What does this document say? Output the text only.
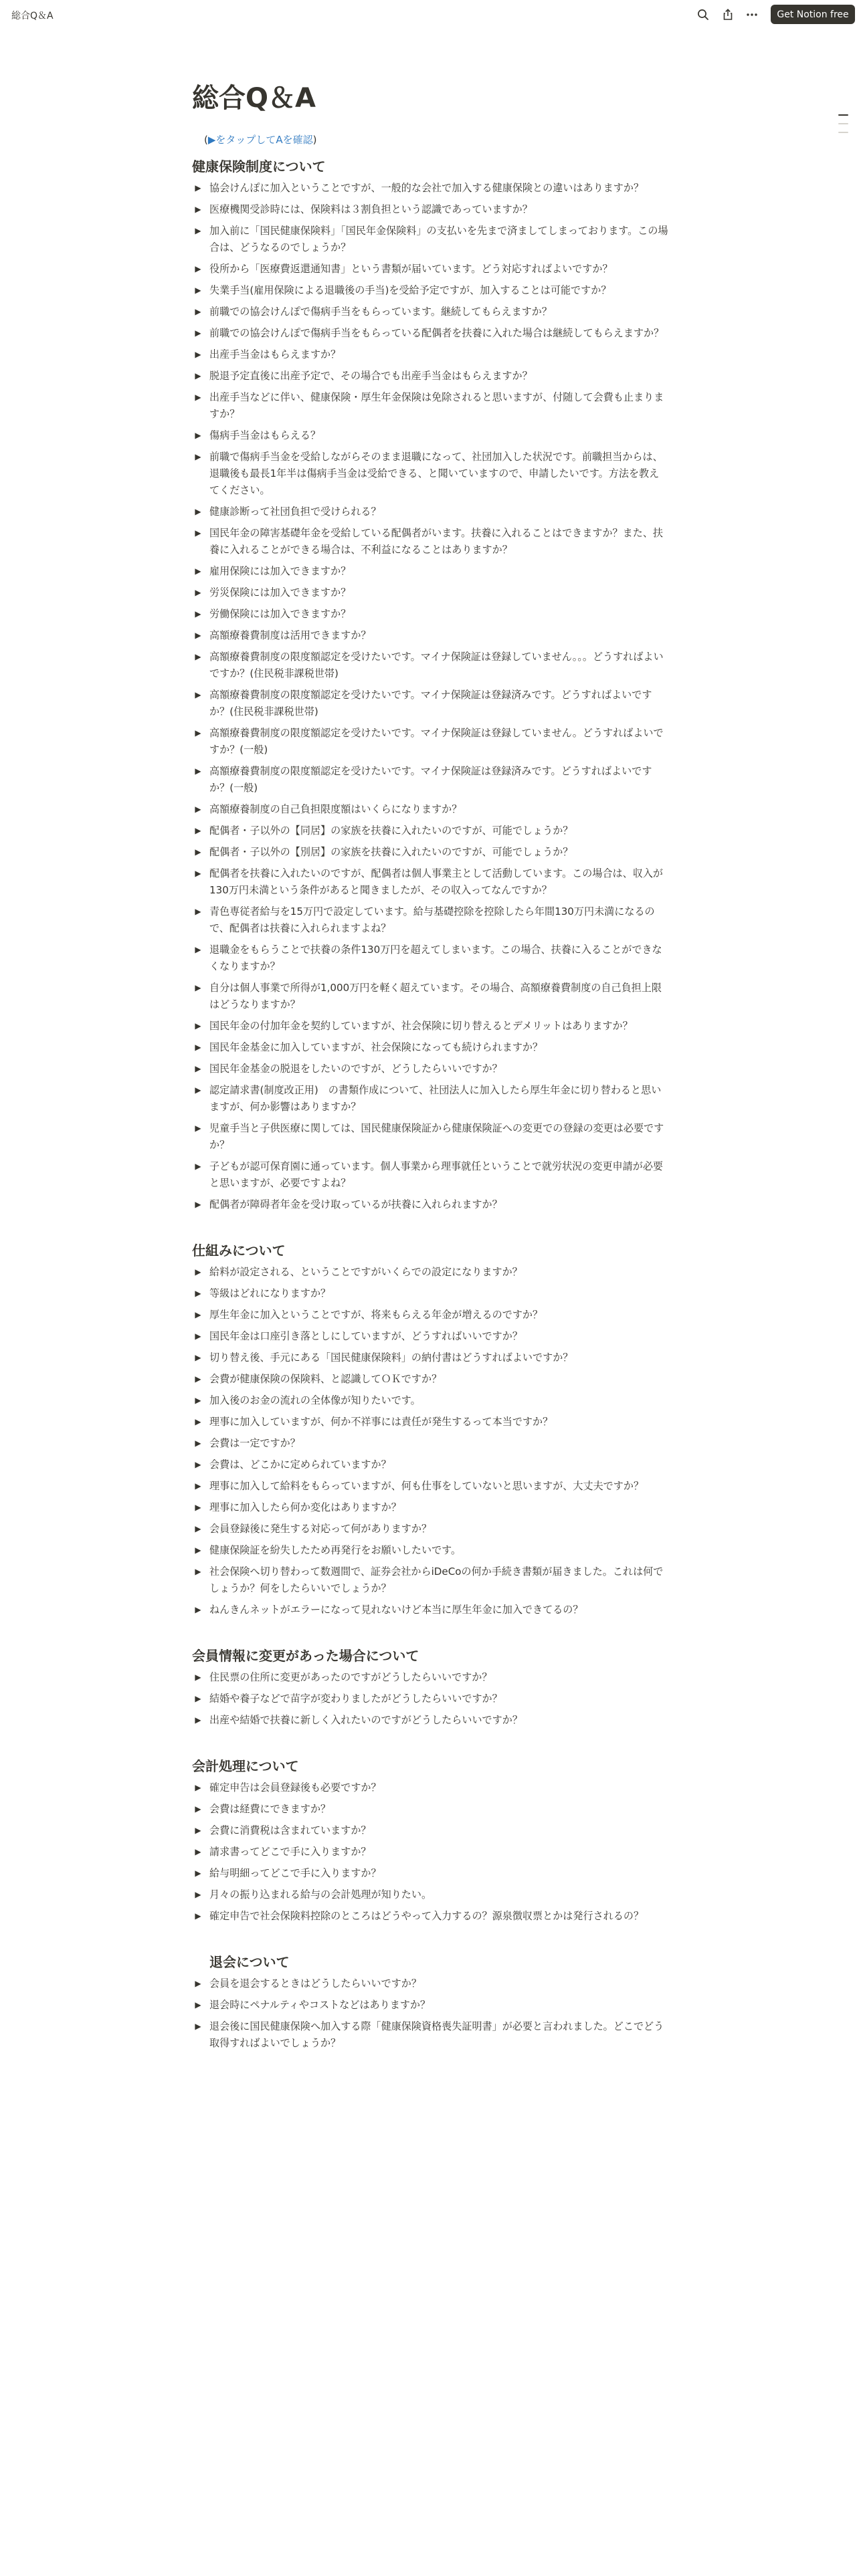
総合Q＆A	Get Notion free
総合Q＆A
(▶をタップしてAを確認)
健康保険制度について
▶ 協会けんぽに加入ということですが、一般的な会社で加入する健康保険との違いはありますか？
▶ 医療機関受診時には、保険料は３割負担という認識であっていますか？
▶ 加入前に「国民健康保険料」「国民年金保険料」の支払いを先まで済ましてしまっております。この場合は、どうなるのでしょうか？
▶ 役所から「医療費返還通知書」という書類が届いています。どう対応すればよいですか？
▶ 失業手当(雇用保険による退職後の手当)を受給予定ですが、加入することは可能ですか？
▶ 前職での協会けんぽで傷病手当をもらっています。継続してもらえますか？
▶ 前職での協会けんぽで傷病手当をもらっている配偶者を扶養に入れた場合は継続してもらえますか？
▶ 出産手当金はもらえますか？
▶ 脱退予定直後に出産予定で、その場合でも出産手当金はもらえますか？
▶ 出産手当などに伴い、健康保険・厚生年金保険は免除されると思いますが、付随して会費も止まりますか？
▶ 傷病手当金はもらえる？
▶ 前職で傷病手当金を受給しながらそのまま退職になって、社団加入した状況です。前職担当からは、退職後も最長1年半は傷病手当金は受給できる、と聞いていますので、申請したいです。方法を教えてください。
▶ 健康診断って社団負担で受けられる？
▶ 国民年金の障害基礎年金を受給している配偶者がいます。扶養に入れることはできますか？また、扶養に入れることができる場合は、不利益になることはありますか？
▶ 雇用保険には加入できますか？
▶ 労災保険には加入できますか？
▶ 労働保険には加入できますか？
▶ 高額療養費制度は活用できますか？
▶ 高額療養費制度の限度額認定を受けたいです。マイナ保険証は登録していません。。。どうすればよいですか？(住民税非課税世帯)
▶ 高額療養費制度の限度額認定を受けたいです。マイナ保険証は登録済みです。どうすればよいですか？(住民税非課税世帯)
▶ 高額療養費制度の限度額認定を受けたいです。マイナ保険証は登録していません。どうすればよいですか？(一般)
▶ 高額療養費制度の限度額認定を受けたいです。マイナ保険証は登録済みです。どうすればよいですか？(一般)
▶ 高額療養制度の自己負担限度額はいくらになりますか？
▶ 配偶者・子以外の【同居】の家族を扶養に入れたいのですが、可能でしょうか？
▶ 配偶者・子以外の【別居】の家族を扶養に入れたいのですが、可能でしょうか？
▶ 配偶者を扶養に入れたいのですが、配偶者は個人事業主として活動しています。この場合は、収入が130万円未満という条件があると聞きましたが、その収入ってなんですか？
▶ 青色専従者給与を15万円で設定しています。給与基礎控除を控除したら年間130万円未満になるので、配偶者は扶養に入れられますよね？
▶ 退職金をもらうことで扶養の条件130万円を超えてしまいます。この場合、扶養に入ることができなくなりますか？
▶ 自分は個人事業で所得が1,000万円を軽く超えています。その場合、高額療養費制度の自己負担上限はどうなりますか？
▶ 国民年金の付加年金を契約していますが、社会保険に切り替えるとデメリットはありますか？
▶ 国民年金基金に加入していますが、社会保険になっても続けられますか？
▶ 国民年金基金の脱退をしたいのですが、どうしたらいいですか？
▶ 認定請求書(制度改正用)　の書類作成について、社団法人に加入したら厚生年金に切り替わると思いますが、何か影響はありますか？
▶ 児童手当と子供医療に関しては、国民健康保険証から健康保険証への変更での登録の変更は必要ですか？
▶ 子どもが認可保育園に通っています。個人事業から理事就任ということで就労状況の変更申請が必要と思いますが、必要ですよね？
▶ 配偶者が障碍者年金を受け取っているが扶養に入れられますか？
仕組みについて
▶ 給料が設定される、ということですがいくらでの設定になりますか？
▶ 等級はどれになりますか？
▶ 厚生年金に加入ということですが、将来もらえる年金が増えるのですか？
▶ 国民年金は口座引き落としにしていますが、どうすればいいですか？
▶ 切り替え後、手元にある「国民健康保険料」の納付書はどうすればよいですか？
▶ 会費が健康保険の保険料、と認識してＯＫですか？
▶ 加入後のお金の流れの全体像が知りたいです。
▶ 理事に加入していますが、何か不祥事には責任が発生するって本当ですか？
▶ 会費は一定ですか？
▶ 会費は、どこかに定められていますか？
▶ 理事に加入して給料をもらっていますが、何も仕事をしていないと思いますが、大丈夫ですか？
▶ 理事に加入したら何か変化はありますか？
▶ 会員登録後に発生する対応って何がありますか？
▶ 健康保険証を紛失したため再発行をお願いしたいです。
▶ 社会保険へ切り替わって数週間で、証券会社からiDeCoの何か手続き書類が届きました。これは何でしょうか？何をしたらいいでしょうか？
▶ ねんきんネットがエラーになって見れないけど本当に厚生年金に加入できてるの？
会員情報に変更があった場合について
▶ 住民票の住所に変更があったのですがどうしたらいいですか？
▶ 結婚や養子などで苗字が変わりましたがどうしたらいいですか？
▶ 出産や結婚で扶養に新しく入れたいのですがどうしたらいいですか？
会計処理について
▶ 確定申告は会員登録後も必要ですか？
▶ 会費は経費にできますか？
▶ 会費に消費税は含まれていますか？
▶ 請求書ってどこで手に入りますか？
▶ 給与明細ってどこで手に入りますか？
▶ 月々の振り込まれる給与の会計処理が知りたい。
▶ 確定申告で社会保険料控除のところはどうやって入力するの？源泉徴収票とかは発行されるの？
退会について
▶ 会員を退会するときはどうしたらいいですか？
▶ 退会時にペナルティやコストなどはありますか？
▶ 退会後に国民健康保険へ加入する際「健康保険資格喪失証明書」が必要と言われました。どこでどう取得すればよいでしょうか？
